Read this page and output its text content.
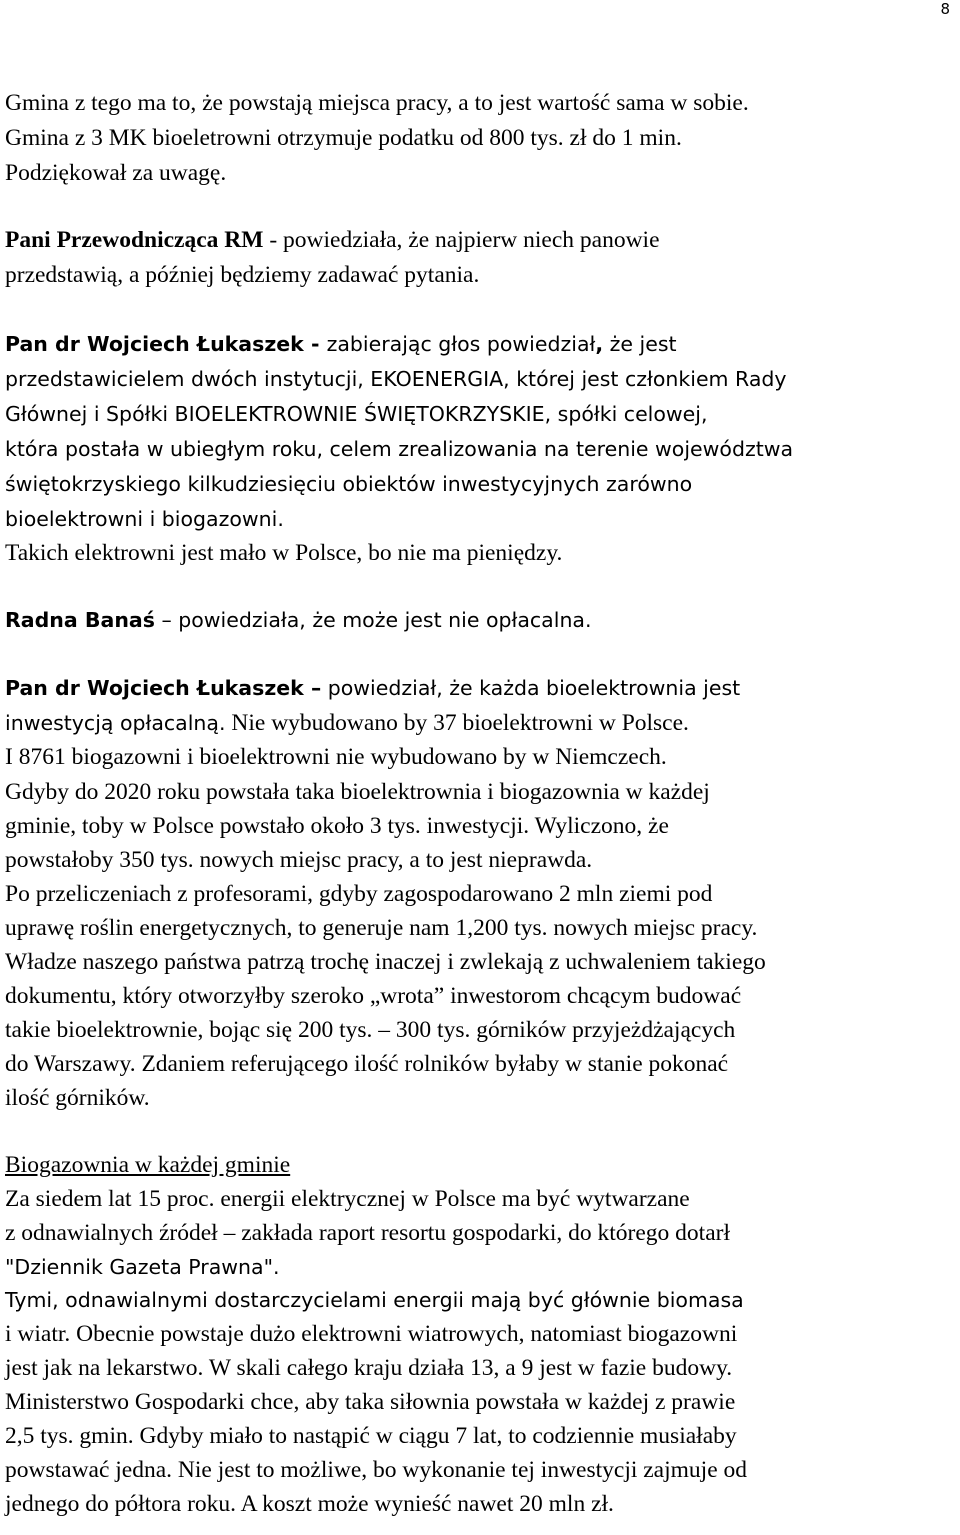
8
Gmina z tego ma to, że powstają miejsca pracy, a to jest wartość sama w sobie.
Gmina z 3 MK bioeletrowni otrzymuje podatku od 800 tys. zł do 1 min.
Podziękował za uwagę.
Pani Przewodnicząca RM - powiedziała, że najpierw niech panowie
przedstawią, a później będziemy zadawać pytania.
Pan dr Wojciech Łukaszek - zabierając głos powiedział, że jest
przedstawicielem dwóch instytucji, EKOENERGIA, której jest członkiem Rady
Głównej i Spółki BIOELEKTROWNIE ŚWIĘTOKRZYSKIE, spółki celowej,
która postała w ubiegłym roku, celem zrealizowania na terenie województwa
świętokrzyskiego kilkudziesięciu obiektów inwestycyjnych zarówno
bioelektrowni i biogazowni.
Takich elektrowni jest mało w Polsce, bo nie ma pieniędzy.
Radna Banaś – powiedziała, że może jest nie opłacalna.
Pan dr Wojciech Łukaszek – powiedział, że każda bioelektrownia jest
inwestycją opłacalną. Nie wybudowano by 37 bioelektrowni w Polsce.
I 8761 biogazowni i bioelektrowni nie wybudowano by w Niemczech.
Gdyby do 2020 roku powstała taka bioelektrownia i biogazownia w każdej
gminie, toby w Polsce powstało około 3 tys. inwestycji. Wyliczono, że
powstałoby 350 tys. nowych miejsc pracy, a to jest nieprawda.
Po przeliczeniach z profesorami, gdyby zagospodarowano 2 mln ziemi pod
uprawę roślin energetycznych, to generuje nam 1,200 tys. nowych miejsc pracy.
Władze naszego państwa patrzą trochę inaczej i zwlekają z uchwaleniem takiego
dokumentu, który otworzyłby szeroko „wrota” inwestorom chcącym budować
takie bioelektrownie, bojąc się 200 tys. – 300 tys. górników przyjeżdżających
do Warszawy. Zdaniem referującego ilość rolników byłaby w stanie pokonać
ilość górników.
Biogazownia w każdej gminie
Za siedem lat 15 proc. energii elektrycznej w Polsce ma być wytwarzane
z odnawialnych źródeł – zakłada raport resortu gospodarki, do którego dotarł
"Dziennik Gazeta Prawna".
Tymi, odnawialnymi dostarczycielami energii mają być głównie biomasa
i wiatr. Obecnie powstaje dużo elektrowni wiatrowych, natomiast biogazowni
jest jak na lekarstwo. W skali całego kraju działa 13, a 9 jest w fazie budowy.
Ministerstwo Gospodarki chce, aby taka siłownia powstała w każdej z prawie
2,5 tys. gmin. Gdyby miało to nastąpić w ciągu 7 lat, to codziennie musiałaby
powstawać jedna. Nie jest to możliwe, bo wykonanie tej inwestycji zajmuje od
jednego do półtora roku. A koszt może wynieść nawet 20 mln zł.
